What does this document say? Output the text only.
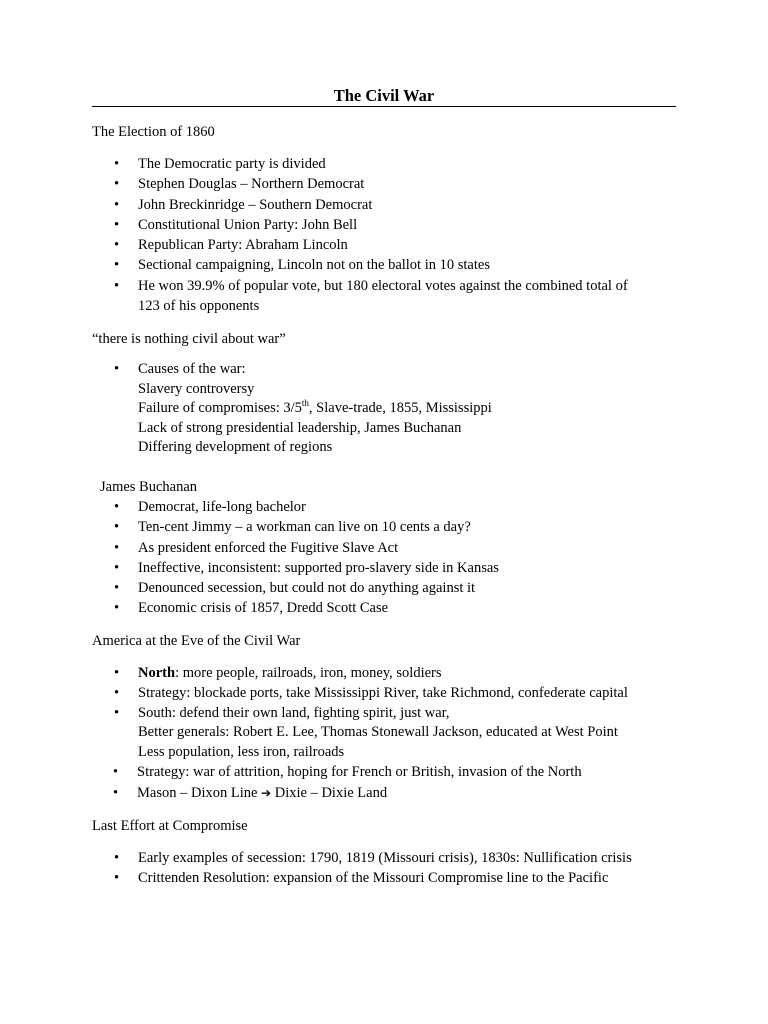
The Civil War
The Election of 1860
• The Democratic party is divided
• Stephen Douglas – Northern Democrat
• John Breckinridge – Southern Democrat
• Constitutional Union Party: John Bell
• Republican Party: Abraham Lincoln
• Sectional campaigning, Lincoln not on the ballot in 10 states
• He won 39.9% of popular vote, but 180 electoral votes against the combined total of
123 of his opponents
“there is nothing civil about war”
• Causes of the war:
Slavery controversy
Failure of compromises: 3/5th, Slave-trade, 1855, Mississippi
Lack of strong presidential leadership, James Buchanan
Differing development of regions
James Buchanan
• Democrat, life-long bachelor
• Ten-cent Jimmy – a workman can live on 10 cents a day?
• As president enforced the Fugitive Slave Act
• Ineffective, inconsistent: supported pro-slavery side in Kansas
• Denounced secession, but could not do anything against it
• Economic crisis of 1857, Dredd Scott Case
America at the Eve of the Civil War
• North: more people, railroads, iron, money, soldiers
• Strategy: blockade ports, take Mississippi River, take Richmond, confederate capital
• South: defend their own land, fighting spirit, just war,
Better generals: Robert E. Lee, Thomas Stonewall Jackson, educated at West Point
Less population, less iron, railroads
• Strategy: war of attrition, hoping for French or British, invasion of the North
• Mason – Dixon Line ➔ Dixie – Dixie Land
Last Effort at Compromise
• Early examples of secession: 1790, 1819 (Missouri crisis), 1830s: Nullification crisis
• Crittenden Resolution: expansion of the Missouri Compromise line to the Pacific
